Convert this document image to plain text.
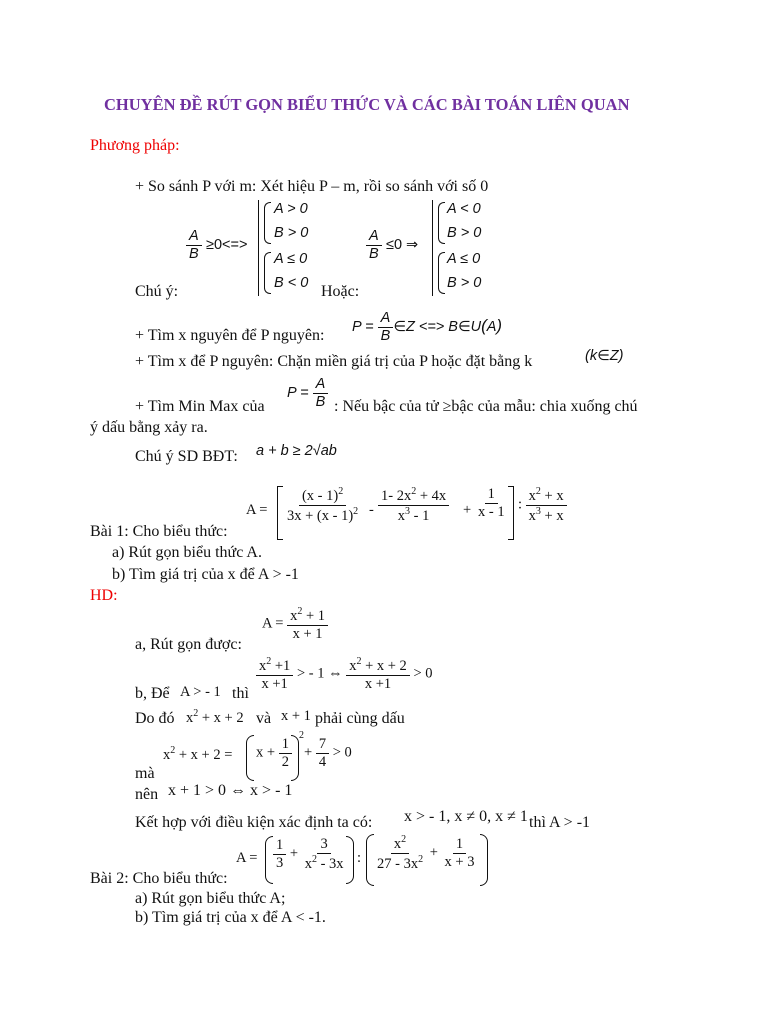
CHUYÊN ĐỀ RÚT GỌN BIỂU THỨC VÀ CÁC BÀI TOÁN LIÊN QUAN
Phương pháp:
+ So sánh P với m: Xét hiệu P – m, rồi so sánh với số 0
$\frac{A}{B} \ge 0<=>$
A > 0
B > 0
A ≤ 0
B < 0
$\frac{A}{B} \le 0$ ⇒
A < 0
B > 0
A ≤ 0
B > 0
Chú ý:	Hoặc:
+ Tìm x nguyên để P nguyên: $P = \frac{A}{B}$ ∈Z <=> B∈U(A)
+ Tìm x để P nguyên: Chặn miền giá trị của P hoặc đặt bằng k	(k∈Z)
+ Tìm Min Max của
$P = \frac{A}{B}$ : Nếu bậc của tử ≥bậc của mẫu: chia xuống chú
ý dấu bằng xảy ra.
Chú ý SD BĐT: a + b ≥ 2√ab
$A = \frac{(x - 1)^2}{3x + (x - 1)^2} - \frac{1- 2x^2 + 4x}{x^3 - 1} + \frac{1}{x - 1}$ : $\frac{x^2 + x}{x^3 + x}$
Bài 1: Cho biểu thức:
a) Rút gọn biểu thức A.
b) Tìm giá trị của x để A > -1
HD:
$A = \frac{x^2 + 1}{x + 1}$
a, Rút gọn được:
$\frac{x^2 +1}{x +1}$ > - 1 ⇔ $\frac{x^2 + x + 2}{x +1} > 0$
b, Để A > - 1 thì
Do đó $x^2 + x + 2$ và x + 1 phải cùng dấu
$x^2 + x + 2 = x + \frac{1}{2}$
2
+ $\frac{7}{4} > 0$
mà
nên x + 1 > 0 ⇔ x > - 1
Kết hợp với điều kiện xác định ta có: x > - 1, x ≠ 0, x ≠ 1 thì A > -1
$A = \frac{1}{3} + \frac{3}{x^2 - 3x}$ : $\frac{x^2}{27 - 3x^2} + \frac{1}{x + 3}$
Bài 2: Cho biểu thức:
a) Rút gọn biểu thức A;
b) Tìm giá trị của x để A < -1.
